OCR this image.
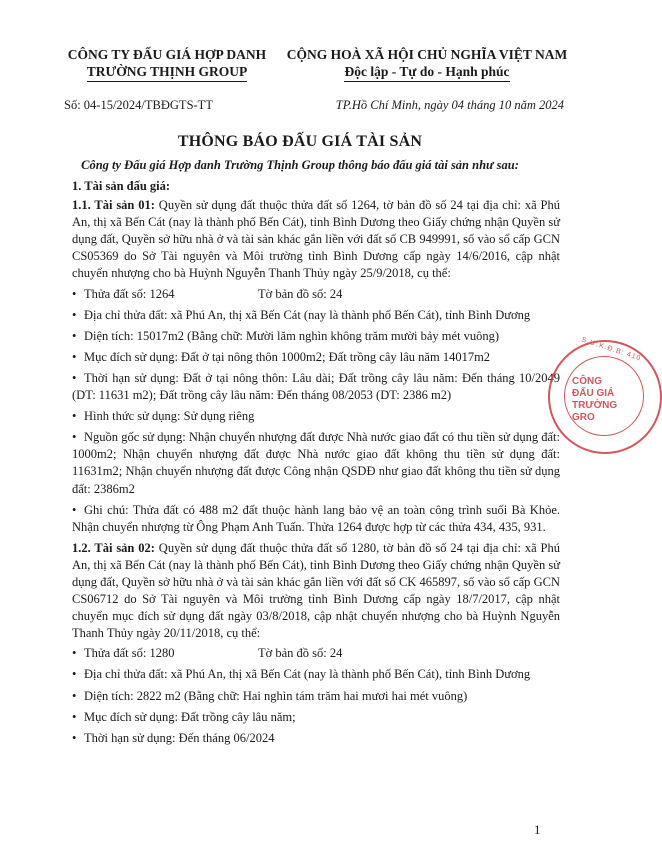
CÔNG TY ĐẤU GIÁ HỢP DANH
TRƯỜNG THỊNH GROUP
CỘNG HOÀ XÃ HỘI CHỦ NGHĨA VIỆT NAM
Độc lập - Tự do - Hạnh phúc
Số: 04-15/2024/TBĐGTS-TT	TP.Hồ Chí Minh, ngày 04 tháng 10 năm 2024
THÔNG BÁO ĐẤU GIÁ TÀI SẢN
Công ty Đấu giá Hợp danh Trường Thịnh Group thông báo đấu giá tài sản như sau:

1. Tài sản đấu giá:

1.1. Tài sản 01: Quyền sử dụng đất thuộc thửa đất số 1264, tờ bản đồ số 24 tại địa chỉ: xã Phú An, thị xã Bến Cát (nay là thành phố Bến Cát), tỉnh Bình Dương theo Giấy chứng nhận Quyền sử dụng đất, Quyền sở hữu nhà ở và tài sản khác gắn liền với đất số CB 949991, số vào sổ cấp GCN CS05369 do Sở Tài nguyên và Môi trường tỉnh Bình Dương cấp ngày 14/6/2016, cập nhật chuyển nhượng cho bà Huỳnh Nguyễn Thanh Thủy ngày 25/9/2018, cụ thể:

• Thửa đất số: 1264	Tờ bản đồ số: 24

• Địa chỉ thửa đất: xã Phú An, thị xã Bến Cát (nay là thành phố Bến Cát), tỉnh Bình Dương

• Diện tích: 15017m2 (Bằng chữ: Mười lăm nghìn không trăm mười bảy mét vuông)

• Mục đích sử dụng: Đất ở tại nông thôn 1000m2; Đất trồng cây lâu năm 14017m2

• Thời hạn sử dụng: Đất ở tại nông thôn: Lâu dài; Đất trồng cây lâu năm: Đến tháng 10/2049 (DT: 11631 m2); Đất trồng cây lâu năm: Đến tháng 08/2053 (DT: 2386 m2)

• Hình thức sử dụng: Sử dụng riêng

• Nguồn gốc sử dụng: Nhận chuyển nhượng đất được Nhà nước giao đất có thu tiền sử dụng đất: 1000m2; Nhận chuyển nhượng đất được Nhà nước giao đất không thu tiền sử dụng đất: 11631m2; Nhận chuyển nhượng đất được Công nhận QSDĐ như giao đất không thu tiền sử dụng đất: 2386m2

• Ghi chú: Thửa đất có 488 m2 đất thuộc hành lang bảo vệ an toàn công trình suối Bà Khỏe. Nhận chuyển nhượng từ Ông Phạm Anh Tuấn. Thửa 1264 được hợp từ các thửa 434, 435, 931.

1.2. Tài sản 02: Quyền sử dụng đất thuộc thửa đất số 1280, tờ bản đồ số 24 tại địa chỉ: xã Phú An, thị xã Bến Cát (nay là thành phố Bến Cát), tỉnh Bình Dương theo Giấy chứng nhận Quyền sử dụng đất, Quyền sở hữu nhà ở và tài sản khác gắn liền với đất số CK 465897, số vào sổ cấp GCN CS06712 do Sở Tài nguyên và Môi trường tỉnh Bình Dương cấp ngày 18/7/2017, cập nhật chuyển mục đích sử dụng đất ngày 03/8/2018, cập nhật chuyển nhượng cho bà Huỳnh Nguyễn Thanh Thủy ngày 20/11/2018, cụ thể:

• Thửa đất số: 1280	Tờ bản đồ số: 24

• Địa chỉ thửa đất: xã Phú An, thị xã Bến Cát (nay là thành phố Bến Cát), tỉnh Bình Dương

• Diện tích: 2822 m2 (Bằng chữ: Hai nghìn tám trăm hai mươi hai mét vuông)

• Mục đích sử dụng: Đất trồng cây lâu năm;

• Thời hạn sử dụng: Đến tháng 06/2024

S.Ư.K.Đ.B: 410
CÔNG
ĐẤU GIÁ
TRƯỜNG
GRO
1
